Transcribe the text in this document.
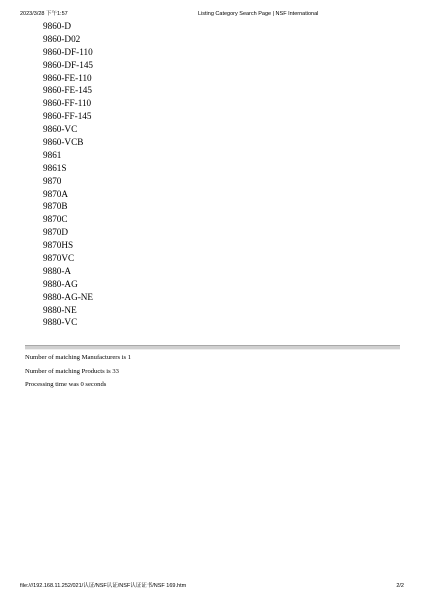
2023/3/28 下午1:57	Listing Category Search Page | NSF International
9860-D
9860-D02
9860-DF-110
9860-DF-145
9860-FE-110
9860-FE-145
9860-FF-110
9860-FF-145
9860-VC
9860-VCB
9861
9861S
9870
9870A
9870B
9870C
9870D
9870HS
9870VC
9880-A
9880-AG
9880-AG-NE
9880-NE
9880-VC

Number of matching Manufacturers is 1

Number of matching Products is 33

Processing time was 0 seconds

file:///192.168.11.252/021/认证/NSF认证/NSF认证证书/NSF 169.htm	2/2
